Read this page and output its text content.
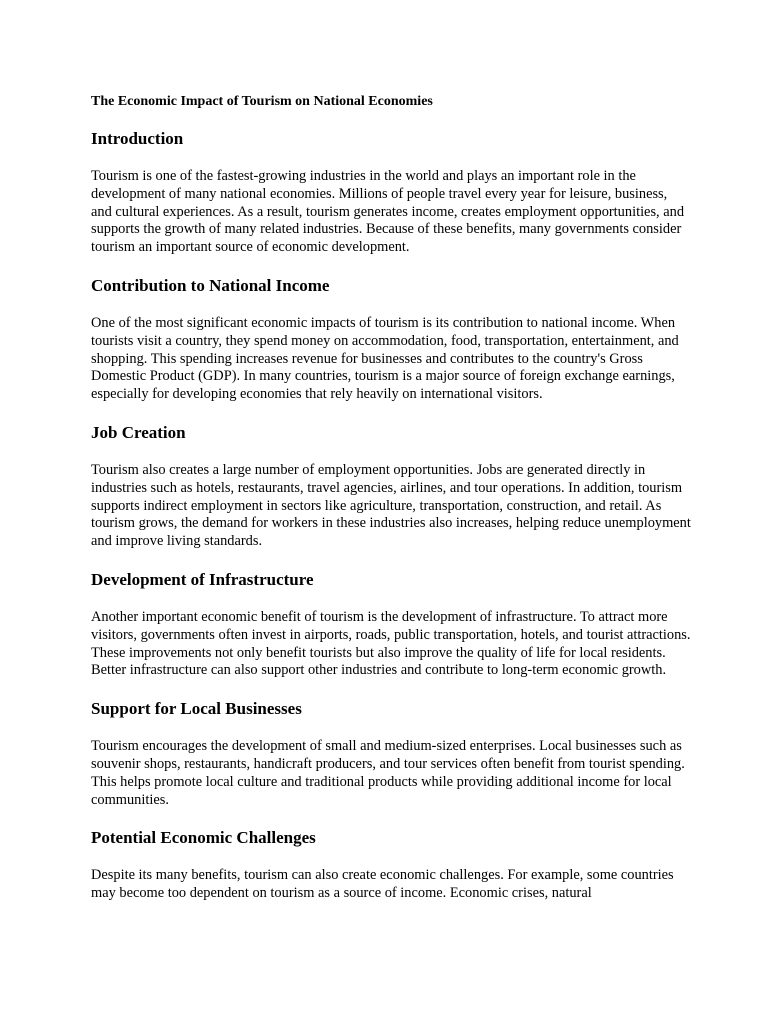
The Economic Impact of Tourism on National Economies

Introduction

Tourism is one of the fastest-growing industries in the world and plays an important role in the development of many national economies. Millions of people travel every year for leisure, business, and cultural experiences. As a result, tourism generates income, creates employment opportunities, and supports the growth of many related industries. Because of these benefits, many governments consider tourism an important source of economic development.

Contribution to National Income

One of the most significant economic impacts of tourism is its contribution to national income. When tourists visit a country, they spend money on accommodation, food, transportation, entertainment, and shopping. This spending increases revenue for businesses and contributes to the country's Gross Domestic Product (GDP). In many countries, tourism is a major source of foreign exchange earnings, especially for developing economies that rely heavily on international visitors.

Job Creation

Tourism also creates a large number of employment opportunities. Jobs are generated directly in industries such as hotels, restaurants, travel agencies, airlines, and tour operations. In addition, tourism supports indirect employment in sectors like agriculture, transportation, construction, and retail. As tourism grows, the demand for workers in these industries also increases, helping reduce unemployment and improve living standards.

Development of Infrastructure

Another important economic benefit of tourism is the development of infrastructure. To attract more visitors, governments often invest in airports, roads, public transportation, hotels, and tourist attractions. These improvements not only benefit tourists but also improve the quality of life for local residents. Better infrastructure can also support other industries and contribute to long-term economic growth.

Support for Local Businesses

Tourism encourages the development of small and medium-sized enterprises. Local businesses such as souvenir shops, restaurants, handicraft producers, and tour services often benefit from tourist spending. This helps promote local culture and traditional products while providing additional income for local communities.

Potential Economic Challenges

Despite its many benefits, tourism can also create economic challenges. For example, some countries may become too dependent on tourism as a source of income. Economic crises, natural
